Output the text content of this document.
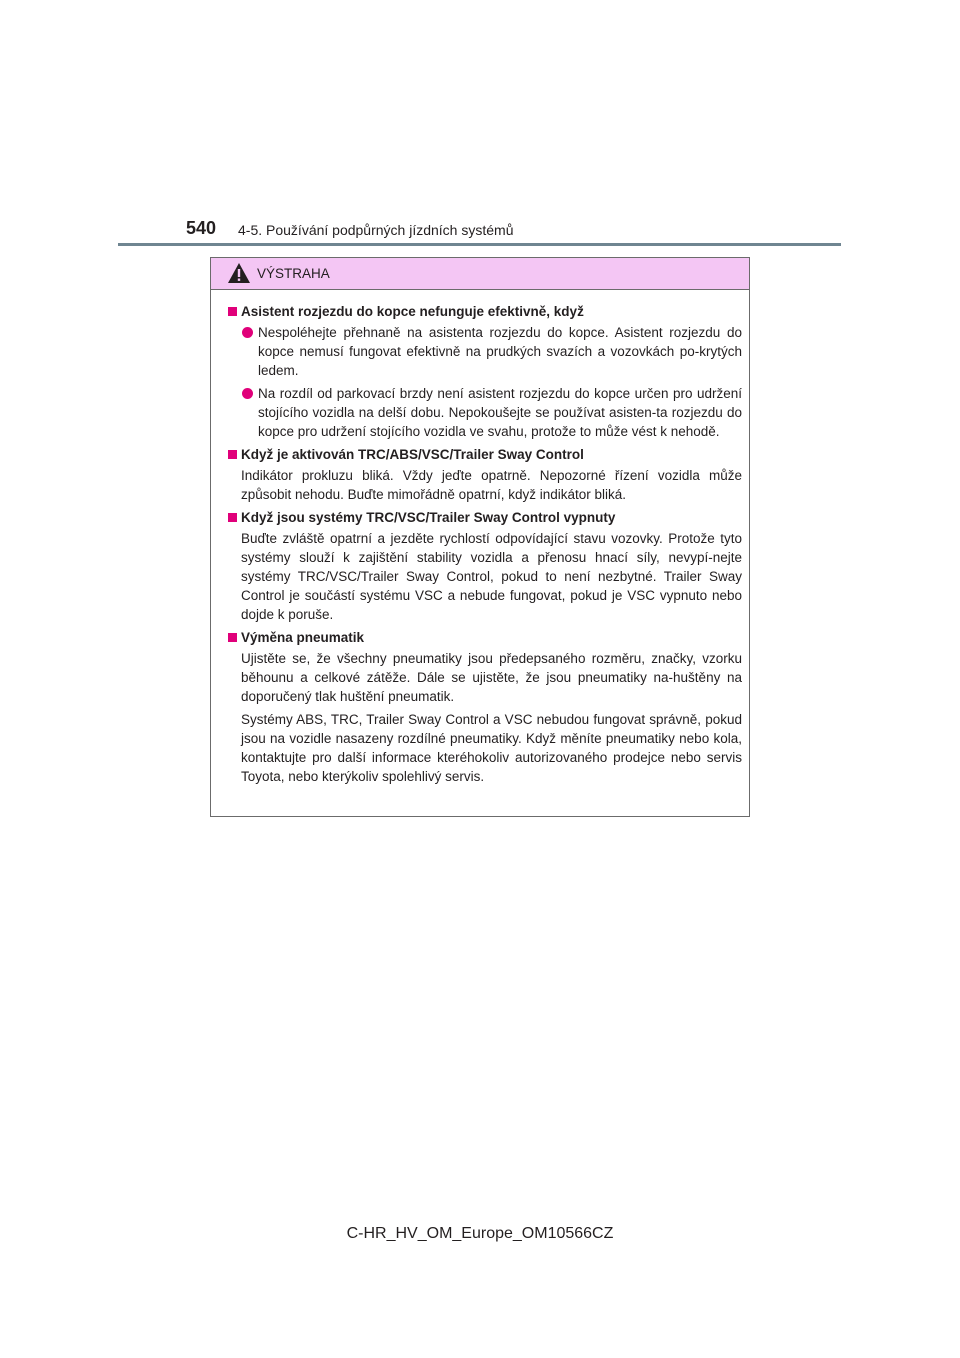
540 4-5. Používání podpůrných jízdních systémů
VÝSTRAHA
Asistent rozjezdu do kopce nefunguje efektivně, když
Nespoléhejte přehnaně na asistenta rozjezdu do kopce. Asistent rozjezdu do kopce nemusí fungovat efektivně na prudkých svazích a vozovkách po-krytých ledem.
Na rozdíl od parkovací brzdy není asistent rozjezdu do kopce určen pro udržení stojícího vozidla na delší dobu. Nepokoušejte se používat asisten-ta rozjezdu do kopce pro udržení stojícího vozidla ve svahu, protože to může vést k nehodě.
Když je aktivován TRC/ABS/VSC/Trailer Sway Control
Indikátor prokluzu bliká. Vždy jeďte opatrně. Nepozorné řízení vozidla může způsobit nehodu. Buďte mimořádně opatrní, když indikátor bliká.
Když jsou systémy TRC/VSC/Trailer Sway Control vypnuty
Buďte zvláště opatrní a jezděte rychlostí odpovídající stavu vozovky. Protože tyto systémy slouží k zajištění stability vozidla a přenosu hnací síly, nevypí-nejte systémy TRC/VSC/Trailer Sway Control, pokud to není nezbytné. Trailer Sway Control je součástí systému VSC a nebude fungovat, pokud je VSC vypnuto nebo dojde k poruše.
Výměna pneumatik
Ujistěte se, že všechny pneumatiky jsou předepsaného rozměru, značky, vzorku běhounu a celkové zátěže. Dále se ujistěte, že jsou pneumatiky na-huštěny na doporučený tlak huštění pneumatik.
Systémy ABS, TRC, Trailer Sway Control a VSC nebudou fungovat správně, pokud jsou na vozidle nasazeny rozdílné pneumatiky. Když měníte pneumatiky nebo kola, kontaktujte pro další informace kteréhokoliv autorizovaného prodejce nebo servis Toyota, nebo kterýkoliv spolehlivý servis.
C-HR_HV_OM_Europe_OM10566CZ
